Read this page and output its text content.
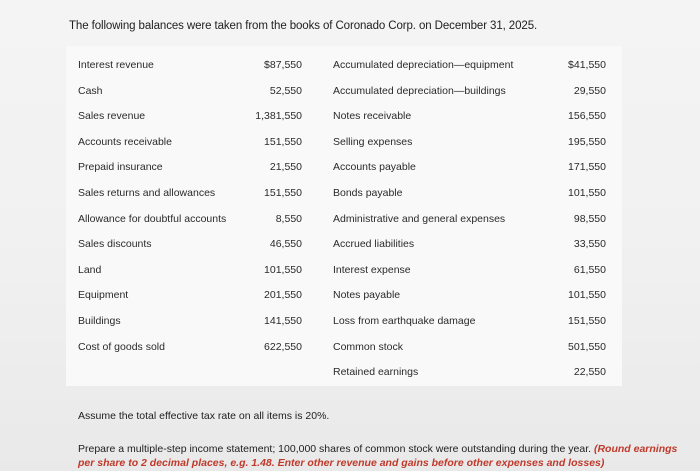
The following balances were taken from the books of Coronado Corp. on December 31, 2025.
Interest revenue	$87,550
Cash	52,550
Sales revenue	1,381,550
Accounts receivable	151,550
Prepaid insurance	21,550
Sales returns and allowances	151,550
Allowance for doubtful accounts	8,550
Sales discounts	46,550
Land	101,550
Equipment	201,550
Buildings	141,550
Cost of goods sold	622,550
Accumulated depreciation—equipment	$41,550
Accumulated depreciation—buildings	29,550
Notes receivable	156,550
Selling expenses	195,550
Accounts payable	171,550
Bonds payable	101,550
Administrative and general expenses	98,550
Accrued liabilities	33,550
Interest expense	61,550
Notes payable	101,550
Loss from earthquake damage	151,550
Common stock	501,550
Retained earnings	22,550
Assume the total effective tax rate on all items is 20%.
Prepare a multiple-step income statement; 100,000 shares of common stock were outstanding during the year. (Round earnings per share to 2 decimal places, e.g. 1.48. Enter other revenue and gains before other expenses and losses)
